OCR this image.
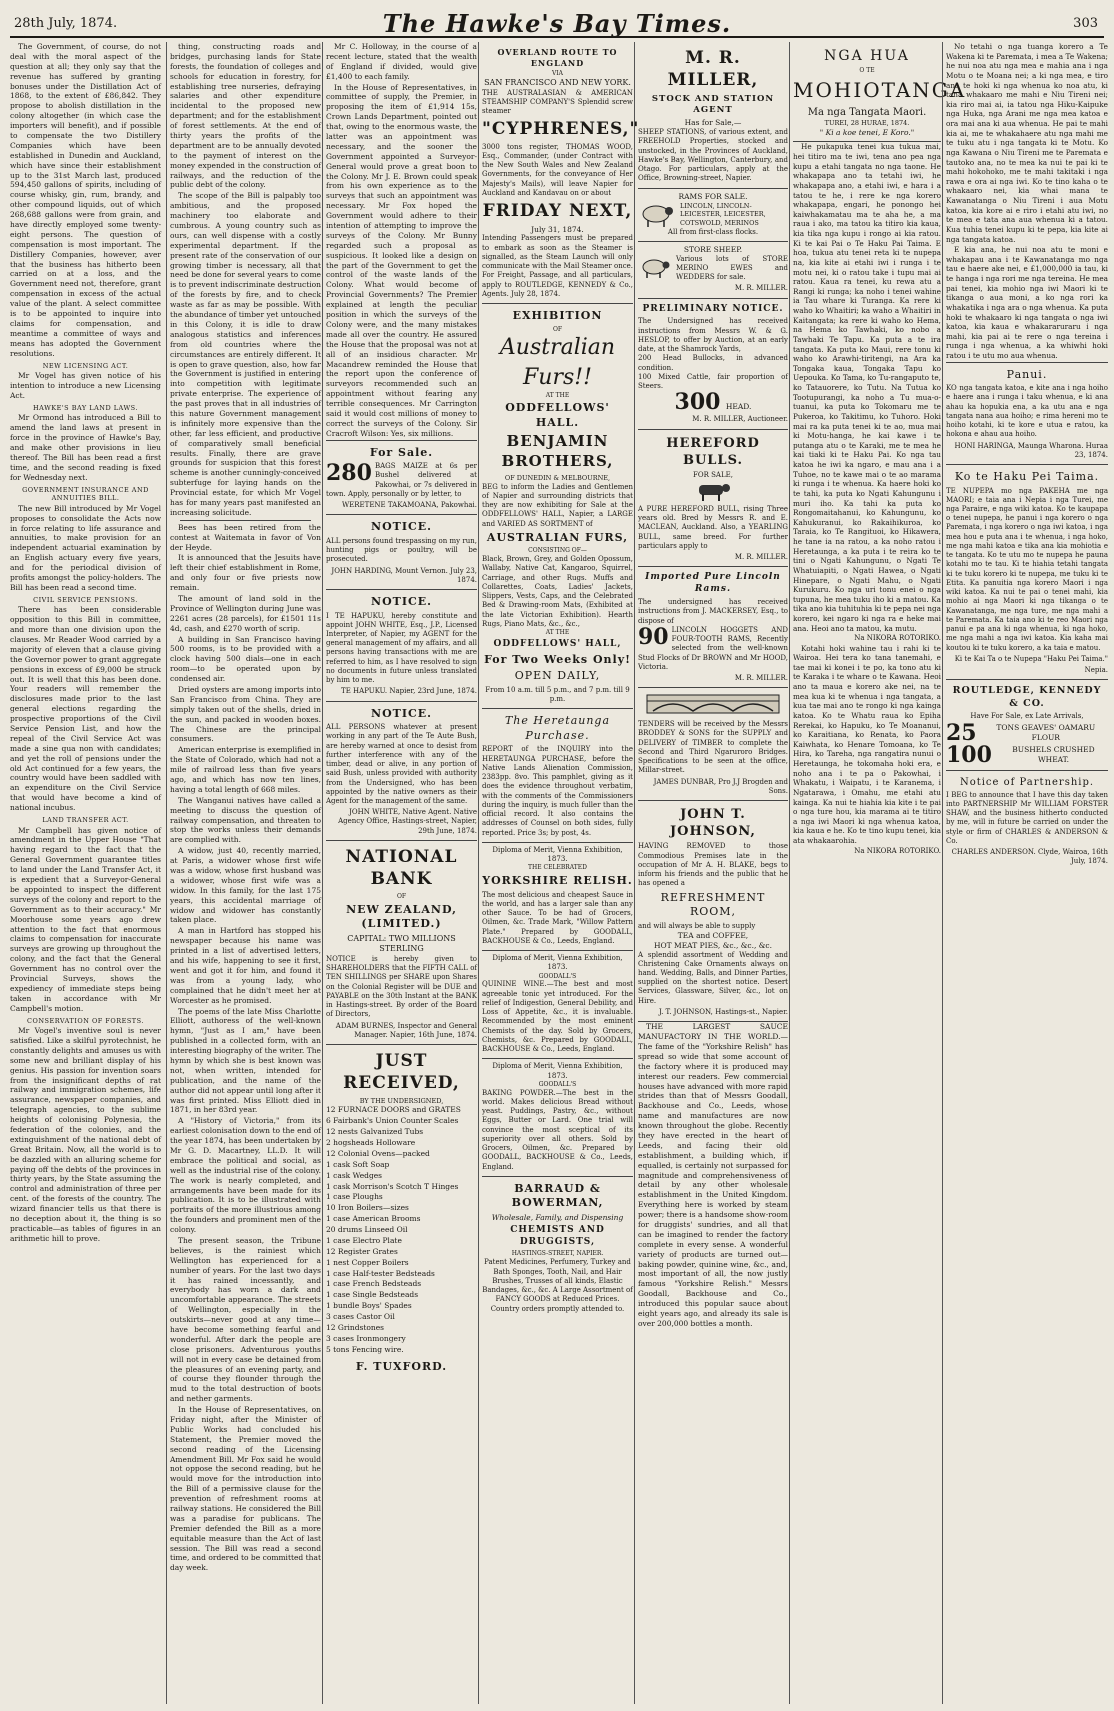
28th July, 1874.	The Hawke's Bay Times.	303

The Government, of course, do not deal with the moral aspect of the question at all; they only say that the revenue has suffered by granting bonuses under the Distillation Act of 1868, to the extent of £86,842. They propose to abolish distillation in the colony altogether (in which case the importers will benefit), and if possible to compensate the two Distillery Companies which have been established in Dunedin and Auckland, which have since their establishment up to the 31st March last, produced 594,450 gallons of spirits, including of course whisky, gin, rum, brandy, and other compound liquids, out of which 268,688 gallons were from grain, and have directly employed some twenty-eight persons. The question of compensation is most important. The Distillery Companies, however, aver that the business has hitherto been carried on at a loss, and the Government need not, therefore, grant compensation in excess of the actual value of the plant. A select committee is to be appointed to inquire into claims for compensation, and meantime a committee of ways and means has adopted the Government resolutions.

NEW LICENSING ACT.

Mr Vogel has given notice of his intention to introduce a new Licensing Act.

HAWKE'S BAY LAND LAWS.

Mr Ormond has introduced a Bill to amend the land laws at present in force in the province of Hawke's Bay, and make other provisions in lieu thereof. The Bill has been read a first time, and the second reading is fixed for Wednesday next.

GOVERNMENT INSURANCE AND ANNUITIES BILL.

The new Bill introduced by Mr Vogel proposes to consolidate the Acts now in force relating to life assurance and annuities, to make provision for an independent actuarial examination by an English actuary every five years, and for the periodical division of profits amongst the policy-holders. The Bill has been read a second time.

CIVIL SERVICE PENSIONS.

There has been considerable opposition to this Bill in committee, and more than one division upon the clauses. Mr Reader Wood carried by a majority of eleven that a clause giving the Governor power to grant aggregate pensions in excess of £9,000 be struck out. It is well that this has been done. Your readers will remember the disclosures made prior to the last general elections regarding the prospective proportions of the Civil Service Pension List, and how the repeal of the Civil Service Act was made a sine qua non with candidates; and yet the roll of pensions under the old Act continued for a few years, the country would have been saddled with an expenditure on the Civil Service that would have become a kind of national incubus.

LAND TRANSFER ACT.

Mr Campbell has given notice of amendment in the Upper House "That having regard to the fact that the General Government guarantee titles to land under the Land Transfer Act, it is expedient that a Surveyor-General be appointed to inspect the different surveys of the colony and report to the Government as to their accuracy." Mr Moorhouse some years ago drew attention to the fact that enormous claims to compensation for inaccurate surveys are growing up throughout the colony, and the fact that the General Government has no control over the Provincial Surveys, shows the expediency of immediate steps being taken in accordance with Mr Campbell's motion.

CONSERVATION OF FORESTS.

Mr Vogel's inventive soul is never satisfied. Like a skilful pyrotechnist, he constantly delights and amuses us with some new and brilliant display of his genius. His passion for invention soars from the insignificant depths of rat railway and immigration schemes, life assurance, newspaper companies, and telegraph agencies, to the sublime heights of colonising Polynesia, the federation of the colonies, and the extinguishment of the national debt of Great Britain. Now, all the world is to be dazzled with an alluring scheme for paying off the debts of the provinces in thirty years, by the State assuming the control and administration of three per cent. of the forests of the country. The wizard financier tells us that there is no deception about it, the thing is so practicable—as tables of figures in an arithmetic hill to prove.

thing, constructing roads and bridges, purchasing lands for State forests, the foundation of colleges and schools for education in forestry, for establishing tree nurseries, defraying salaries and other expenditure incidental to the proposed new department; and for the establishment of forest settlements. At the end of thirty years the profits of the department are to be annually devoted to the payment of interest on the money expended in the construction of railways, and the reduction of the public debt of the colony.

The scope of the Bill is palpably too ambitious, and the proposed machinery too elaborate and cumbrous. A young country such as ours, can well dispense with a costly experimental department. If the present rate of the conservation of our growing timber is necessary, all that need be done for several years to come is to prevent indiscriminate destruction of the forests by fire, and to check waste as far as may be possible. With the abundance of timber yet untouched in this Colony, it is idle to draw analogous statistics and inferences from old countries where the circumstances are entirely different. It is open to grave question, also, how far the Government is justified in entering into competition with legitimate private enterprise. The experience of the past proves that in all industries of this nature Government management is infinitely more expensive than the other, far less efficient, and productive of comparatively small beneficial results. Finally, there are grave grounds for suspicion that this forest scheme is another cunningly-conceived subterfuge for laying hands on the Provincial estate, for which Mr Vogel has for many years past manifested an increasing solicitude.

Bees has been retired from the contest at Waitemata in favor of Von der Heyde.

It is announced that the Jesuits have left their chief establishment in Rome, and only four or five priests now remain.

The amount of land sold in the Province of Wellington during June was 2261 acres (28 parcels), for £1501 11s 4d, cash, and £270 worth of scrip.

A building in San Francisco having 500 rooms, is to be provided with a clock having 500 dials—one in each room—to be operated upon by condensed air.

Dried oysters are among imports into San Francisco from China. They are simply taken out of the shells, dried in the sun, and packed in wooden boxes. The Chinese are the principal consumers.

American enterprise is exemplified in the State of Colorado, which had not a mile of railroad less than five years ago, and which has now ten lines, having a total length of 668 miles.

The Wanganui natives have called a meeting to discuss the question of railway compensation, and threaten to stop the works unless their demands are complied with.

A widow, just 40, recently married, at Paris, a widower whose first wife was a widow, whose first husband was a widower, whose first wife was a widow. In this family, for the last 175 years, this accidental marriage of widow and widower has constantly taken place.

A man in Hartford has stopped his newspaper because his name was printed in a list of advertised letters, and his wife, happening to see it first, went and got it for him, and found it was from a young lady, who complained that he didn't meet her at Worcester as he promised.

The poems of the late Miss Charlotte Elliott, authoress of the well-known hymn, "Just as I am," have been published in a collected form, with an interesting biography of the writer. The hymn by which she is best known was not, when written, intended for publication, and the name of the author did not appear until long after it was first printed. Miss Elliott died in 1871, in her 83rd year.

A "History of Victoria," from its earliest colonisation down to the end of the year 1874, has been undertaken by Mr G. D. Macartney, LL.D. It will embrace the political and social, as well as the industrial rise of the colony. The work is nearly completed, and arrangements have been made for its publication. It is to be illustrated with portraits of the more illustrious among the founders and prominent men of the colony.

The present season, the Tribune believes, is the rainiest which Wellington has experienced for a number of years. For the last two days it has rained incessantly, and everybody has worn a dark and uncomfortable appearance. The streets of Wellington, especially in the outskirts—never good at any time—have become something fearful and wonderful. After dark the people are close prisoners. Adventurous youths will not in every case be detained from the pleasures of an evening party, and of course they flounder through the mud to the total destruction of boots and nether garments.

In the House of Representatives, on Friday night, after the Minister of Public Works had concluded his Statement, the Premier moved the second reading of the Licensing Amendment Bill. Mr Fox said he would not oppose the second reading, but he would move for the introduction into the Bill of a permissive clause for the prevention of refreshment rooms at railway stations. He considered the Bill was a paradise for publicans. The Premier defended the Bill as a more equitable measure than the Act of last session. The Bill was read a second time, and ordered to be committed that day week.

Mr C. Holloway, in the course of a recent lecture, stated that the wealth of England if divided, would give £1,400 to each family.

In the House of Representatives, in committee of supply, the Premier, in proposing the item of £1,914 15s, Crown Lands Department, pointed out that, owing to the enormous waste, the latter was an appointment was necessary, and the sooner the Government appointed a Surveyor-General would prove a great boon to the Colony. Mr J. E. Brown could speak from his own experience as to the surveys that such an appointment was necessary. Mr Fox hoped the Government would adhere to their intention of attempting to improve the surveys of the Colony. Mr Bunny regarded such a proposal as suspicious. It looked like a design on the part of the Government to get the control of the waste lands of the Colony. What would become of Provincial Governments? The Premier explained at length the peculiar position in which the surveys of the Colony were, and the many mistakes made all over the country. He assured the House that the proposal was not at all of an insidious character. Mr Macandrew reminded the House that the report upon the conference of surveyors recommended such an appointment without fearing any terrible consequences. Mr Carrington said it would cost millions of money to correct the surveys of the Colony. Sir Cracroft Wilson: Yes, six millions.

For Sale.
280 BAGS MAIZE at 6s per Bushel delivered at Pakowhai, or 7s delivered in town. Apply, personally or by letter, to
WERETENE TAKAMOANA, Pakowhai.
NOTICE.
ALL persons found trespassing on my run, hunting pigs or poultry, will be prosecuted.
JOHN HARDING, Mount Vernon. July 23, 1874.
NOTICE.
I TE HAPUKU, hereby constitute and appoint JOHN WHITE, Esq., J.P., Licensed Interpreter, of Napier, my AGENT for the general management of my affairs, and all persons having transactions with me are referred to him, as I have resolved to sign no documents in future unless translated by him to me.
TE HAPUKU. Napier, 23rd June, 1874.
NOTICE.
ALL PERSONS whatever at present working in any part of the Te Aute Bush, are hereby warned at once to desist from further interference with any of the timber, dead or alive, in any portion of said Bush, unless provided with authority from the Undersigned, who has been appointed by the native owners as their Agent for the management of the same.
JOHN WHITE, Native Agent. Native Agency Office, Hastings-street, Napier, 29th June, 1874.
NATIONAL BANK
OF
NEW ZEALAND, (LIMITED.)
CAPITAL: TWO MILLIONS STERLING
NOTICE is hereby given to SHAREHOLDERS that the FIFTH CALL of TEN SHILLINGS per SHARE upon Shares on the Colonial Register will be DUE and PAYABLE on the 30th Instant at the BANK in Hastings-street. By order of the Board of Directors,
ADAM BURNES, Inspector and General Manager. Napier, 16th June, 1874.
JUST RECEIVED,
BY THE UNDERSIGNED,
12 FURNACE DOORS and GRATES
6 Fairbank's Union Counter Scales
12 nests Galvanized Tubs
2 hogsheads Holloware
12 Colonial Ovens—packed
1 cask Soft Soap
1 cask Wedges
1 cask Morrison's Scotch T Hinges
1 case Ploughs
10 Iron Boilers—sizes
1 case American Brooms
20 drums Linseed Oil
1 case Electro Plate
12 Register Grates
1 nest Copper Boilers
1 case Half-tester Bedsteads
1 case French Bedsteads
1 case Single Bedsteads
1 bundle Boys' Spades
3 cases Castor Oil
12 Grindstones
3 cases Ironmongery
5 tons Fencing wire.
F. TUXFORD.
OVERLAND ROUTE TO ENGLAND
VIA
SAN FRANCISCO AND NEW YORK.
THE AUSTRALASIAN & AMERICAN STEAMSHIP COMPANY'S Splendid screw steamer
"CYPHRENES,"
3000 tons register, THOMAS WOOD, Esq., Commander, (under Contract with the New South Wales and New Zealand Governments, for the conveyance of Her Majesty's Mails), will leave Napier for Auckland and Kandavau on or about
FRIDAY NEXT,
July 31, 1874.
Intending Passengers must be prepared to embark as soon as the Steamer is signalled, as the Steam Launch will only communicate with the Mail Steamer once. For Freight, Passage, and all particulars, apply to ROUTLEDGE, KENNEDY & Co., Agents. July 28, 1874.
EXHIBITION
OF
Australian Furs!!
AT THE
ODDFELLOWS' HALL.
BENJAMIN BROTHERS,
OF DUNEDIN & MELBOURNE,
BEG to inform the Ladies and Gentlemen of Napier and surrounding districts that they are now exhibiting for Sale at the ODDFELLOWS' HALL, Napier, a LARGE and VARIED AS SORTMENT of
AUSTRALIAN FURS,
CONSISTING OF—
Black, Brown, Grey, and Golden Opossum, Wallaby, Native Cat, Kangaroo, Squirrel, Carriage, and other Rugs. Muffs and Collarettes, Coats, Ladies' Jackets, Slippers, Vests, Caps, and the Celebrated Bed & Drawing-room Mats, (Exhibited at the late Victorian Exhibition). Hearth Rugs, Piano Mats, &c., &c.,
AT THE
ODDFELLOWS' HALL,
For Two Weeks Only!
OPEN DAILY,
From 10 a.m. till 5 p.m., and 7 p.m. till 9 p.m.
The Heretaunga Purchase.
REPORT of the INQUIRY into the HERETAUNGA PURCHASE, before the Native Lands Alienation Commission, 2383pp. 8vo. This pamphlet, giving as it does the evidence throughout verbatim, with the comments of the Commissioners during the inquiry, is much fuller than the official record. It also contains the addresses of Counsel on both sides, fully reported. Price 3s; by post, 4s.
Diploma of Merit, Vienna Exhibition, 1873.
THE CELEBRATED
YORKSHIRE RELISH.
The most delicious and cheapest Sauce in the world, and has a larger sale than any other Sauce. To be had of Grocers, Oilmen, &c. Trade Mark, "Willow Pattern Plate." Prepared by GOODALL, BACKHOUSE & Co., Leeds, England.
Diploma of Merit, Vienna Exhibition, 1873.
GOODALL'S
QUININE WINE.—The best and most agreeable tonic yet introduced. For the relief of Indigestion, General Debility, and Loss of Appetite, &c., it is invaluable. Recommended by the most eminent Chemists of the day. Sold by Grocers, Chemists, &c. Prepared by GOODALL, BACKHOUSE & Co., Leeds, England.
Diploma of Merit, Vienna Exhibition, 1873.
GOODALL'S
BAKING POWDER.—The best in the world. Makes delicious Bread without yeast. Puddings, Pastry, &c., without Eggs, Butter or Lard. One trial will convince the most sceptical of its superiority over all others. Sold by Grocers, Oilmen, &c. Prepared by GOODALL, BACKHOUSE & Co., Leeds, England.
BARRAUD & BOWERMAN,
Wholesale, Family, and Dispensing
CHEMISTS AND DRUGGISTS,
HASTINGS-STREET, NAPIER.
Patent Medicines, Perfumery, Turkey and Bath Sponges, Tooth, Nail, and Hair Brushes, Trusses of all kinds, Elastic Bandages, &c., &c. A Large Assortment of FANCY GOODS at Reduced Prices. Country orders promptly attended to.
M. R. MILLER,
STOCK AND STATION AGENT
Has for Sale,—
SHEEP STATIONS, of various extent, and FREEHOLD Properties, stocked and unstocked, in the Provinces of Auckland, Hawke's Bay, Wellington, Canterbury, and Otago. For particulars, apply at the Office, Browning-street, Napier.
RAMS FOR SALE.
LINCOLN, LINCOLN-LEICESTER, LEICESTER, COTSWOLD, MERINOS
All from first-class flocks.
STORE SHEEP.
Various lots of STORE MERINO EWES and WEDDERS for sale.
M. R. MILLER.
PRELIMINARY NOTICE.
The Undersigned has received instructions from Messrs W. & G. HESLOP, to offer by Auction, at an early date, at the Shamrock Yards,
200 Head Bullocks, in advanced condition.
100 Mixed Cattle, fair proportion of Steers.
300 HEAD.
M. R. MILLER, Auctioneer.
HEREFORD BULLS.
FOR SALE,
A PURE HEREFORD BULL, rising Three years old. Bred by Messrs R. and E. MACLEAN, Auckland. Also, a YEARLING BULL, same breed. For further particulars apply to
M. R. MILLER.
Imported Pure Lincoln Rams.
The undersigned has received instructions from J. MACKERSEY, Esq., to dispose of
90 LINCOLN HOGGETS AND FOUR-TOOTH RAMS, Recently selected from the well-known Stud Flocks of Dr BROWN and Mr HOOD, Victoria.
M. R. MILLER.
TENDERS will be received by the Messrs BRODDEY & SONS for the SUPPLY and DELIVERY of TIMBER to complete the Second and Third Ngaruroro Bridges. Specifications to be seen at the office, Millar-street.
JAMES DUNBAR, Pro J.J Brogden and Sons.
JOHN T. JOHNSON,
HAVING REMOVED to those Commodious Premises late in the occupation of Mr A. H. BLAKE, begs to inform his friends and the public that he has opened a
REFRESHMENT ROOM,
and will always be able to supply
TEA and COFFEE,
HOT MEAT PIES, &c., &c., &c.
A splendid assortment of Wedding and Christening Cake Ornaments always on hand. Wedding, Balls, and Dinner Parties, supplied on the shortest notice. Desert Services, Glassware, Silver, &c., lot on Hire.
J. T. JOHNSON, Hastings-st., Napier.

THE LARGEST SAUCE MANUFACTORY IN THE WORLD.—The fame of the "Yorkshire Relish" has spread so wide that some account of the factory where it is produced may interest our readers. Few commercial houses have advanced with more rapid strides than that of Messrs Goodall, Backhouse and Co., Leeds, whose name and manufactures are now known throughout the globe. Recently they have erected in the heart of Leeds, and facing their old establishment, a building which, if equalled, is certainly not surpassed for magnitude and comprehensiveness of detail by any other wholesale establishment in the United Kingdom. Everything here is worked by steam power; there is a handsome show-room for druggists' sundries, and all that can be imagined to render the factory complete in every sense. A wonderful variety of products are turned out—baking powder, quinine wine, &c., and, most important of all, the now justly famous "Yorkshire Relish." Messrs Goodall, Backhouse and Co., introduced this popular sauce about eight years ago, and already its sale is over 200,000 bottles a month.

NGA HUA
O TE
MOHIOTANGA
Ma nga Tangata Maori.
TUREI, 28 HURAE, 1874.
" Ki a koe tenei, E Koro."

He pukapuka tenei kua tukua mai, hei titiro ma te iwi, tena ano pea nga kupu a etahi tangata no nga taone. He whakapapa ano ta tetahi iwi, he whakapapa ano, a etahi iwi, e hara i a tatou te he, i rere ke nga korero whakapapa, engari, he ponongo hei kaiwhakamatau ma te aha he, a ma raua i ako, ma tatou ka titiro kia kaua, kia tika nga kupu i rongo ai kia ratou. Ki te kai Pai o Te Haku Pai Taima. E hoa, tukua atu tenei reta ki te nupepa na, kia kite ai etahi iwi i runga i te motu nei, ki o ratou take i tupu mai ai ratou. Kaua ra tenei, ku rewa atu a Rangi ki runga; ka noho i tenei wahine ia Tau whare ki Turanga. Ka rere ki waho ko Whaitiri; ka waho a Whaitiri in Kaitangata; ka rere ki waho ko Hema, na Hema ko Tawhaki, ko nobo a Tawhaki Te Tapu. Ka puta a te ira tangata. Ka puta ko Maui, rere tonu ki waho ko Arawhi-tiritengi, na Ara ka Tongaka kaua, Tongaka Tapu ko Uepouka. Ko Tama, ko Tu-rangaputo te, ko Tatauorere, ko Tutu. Na Tutua ko Tootupurangi, ka noho a Tu mua-o-tuanui, ka puta ko Tokomaru me te Pukeroa, ko Takitimu, ko Tuhoro. Hoki mai ra ka puta tenei ki te ao, mua mai ki Motu-hanga, he kai kawe i te putanga atu o te Karaki, me te mea he kai tiaki ki te Haku Pai. Ko nga tau katoa he iwi ka ngaro, e mau ana i a Tuhoe, no te kawe mai o te ao marama ki runga i te whenua. Ka haere hoki ko te tahi, ka puta ko Ngati Kahungunu i muri iho. Ka tahi ka puta ko Rongomaitahanui, ko Kahungunu, ko Kahukuranui, ko Rakaihikuroa, ko Taraia, ko Te Rangituoi, ko Hikawera, he tane ia na ratou, a ka noho ratou i Heretaunga, a ka puta i te reira ko te tini o Ngati Kahungunu, o Ngati Te Whatuiapiti, o Ngati Hawea, o Ngati Hinepare, o Ngati Mahu, o Ngati Kurukuru. Ko nga uri tonu enei o nga tupuna, he mea tuku iho ki a matou. Ka tika ano kia tuhituhia ki te pepa nei nga korero, kei ngaro ki nga ra e heke mai ana. Heoi ano ta matou, ka mutu.

Na NIKORA ROTORIKO.

Kotahi hoki wahine tau i rahi ki te Wairoa. Hei tera ko tana tanemahi, e tae mai ki konei i te po, ka tono atu ki te Karaka i te whare o te Kawana. Heoi ano ta maua e korero ake nei, na te mea kua ki te whenua i nga tangata, a kua tae mai ano te rongo ki nga kainga katoa. Ko te Whatu raua ko Epiha Rerekai, ko Hapuku, ko Te Moananui, ko Karaitiana, ko Renata, ko Paora Kaiwhata, ko Henare Tomoana, ko Te Hira, ko Tareha, nga rangatira nunui o Heretaunga, he tokomaha hoki era, e noho ana i te pa o Pakowhai, i Whakatu, i Waipatu, i te Karanema, i Ngatarawa, i Omahu, me etahi atu kainga. Ka nui te hiahia kia kite i te pai o nga ture hou, kia marama ai te titiro a nga iwi Maori ki nga whenua katoa, kia kaua e he. Ko te tino kupu tenei, kia ata whakaarohia.

Na NIKORA ROTORIKO.

No tetahi o nga tuanga korero a Te Wakena ki te Paremata, i mea a Te Wakena; he nui noa atu nga mea e mahia ana i nga Motu o te Moana nei; a ki nga mea, e tiro ana te hoki ki nga whenua ko noa atu, ki tana whakaaro me mahi e Niu Tireni nei; kia riro mai ai, ia tatou nga Hiku-Kaipuke nga Huka, nga Arani me nga mea katoa e ora mai ana ki aua whenua. He pai te mahi kia ai, me te whakahaere atu nga mahi me te tuku atu i nga tangata ki te Motu. Ko nga Kawana o Niu Tireni me te Paremata e tautoko ana, no te mea ka nui te pai ki te mahi hokohoko, me te mahi takitaki i nga rawa e ora ai nga iwi. Ko te tino kaha o te whakaaro nei, kia whai mana te Kawanatanga o Niu Tireni i aua Motu katoa, kia kore ai e riro i etahi atu iwi, no te mea e tata ana aua whenua ki a tatou. Kua tuhia tenei kupu ki te pepa, kia kite ai nga tangata katoa.

E kia ana, he nui noa atu te moni e whakapau ana i te Kawanatanga mo nga tau e haere ake nei, e £1,000,000 ia tau, ki te hanga i nga rori me nga tereina. He mea pai tenei, kia mohio nga iwi Maori ki te tikanga o aua moni, a ko nga rori ka whakatika i nga ara o nga whenua. Ka puta hoki te whakaaro ki nga tangata o nga iwi katoa, kia kaua e whakararuraru i nga mahi, kia pai ai te rere o nga tereina i runga i nga whenua, a ka whiwhi hoki ratou i te utu mo aua whenua.

Panui.
KO nga tangata katoa, e kite ana i nga hoiho e haere ana i runga i taku whenua, e ki ana ahau ka hopukia ena, a ka utu ana e nga tangata nana aua hoiho; e rima hereni mo te hoiho kotahi, ki te kore e utua e ratou, ka hokona e ahau aua hoiho.
HONI HARINGA, Maunga Wharona. Huraa 23, 1874.
Ko te Haku Pei Taima.
TE NUPEPA mo nga PAKEHA me nga MAORI; e taia ana i Nepia i nga Turei, me nga Paraire, e nga wiki katoa. Ko te kaupapa o tenei nupepa, he panui i nga korero o nga Paremata, i nga korero o nga iwi katoa, i nga mea hou e puta ana i te whenua, i nga hoko, me nga mahi katoa e tika ana kia mohiotia e te tangata. Ko te utu mo te nupepa he pauna kotahi mo te tau. Ki te hiahia tetahi tangata ki te tuku korero ki te nupepa, me tuku ki te Etita. Ka panuitia nga korero Maori i nga wiki katoa. Ka nui te pai o tenei mahi, kia mohio ai nga Maori ki nga tikanga o te Kawanatanga, me nga ture, me nga mahi a te Paremata. Ka taia ano ki te reo Maori nga panui e pa ana ki nga whenua, ki nga hoko, me nga mahi a nga iwi katoa. Kia kaha mai koutou ki te tuku korero, a ka taia e matou.
Ki te Kai Ta o te Nupepa "Haku Pei Taima."
Nepia.
ROUTLEDGE, KENNEDY & CO.
Have For Sale, ex Late Arrivals,
25	TONS GEAVES' OAMARU FLOUR
100	BUSHELS CRUSHED WHEAT.
Notice of Partnership.
I BEG to announce that I have this day taken into PARTNERSHIP Mr WILLIAM FORSTER SHAW, and the business hitherto conducted by me, will in future be carried on under the style or firm of CHARLES & ANDERSON & Co.
CHARLES ANDERSON. Clyde, Wairoa, 16th July, 1874.
